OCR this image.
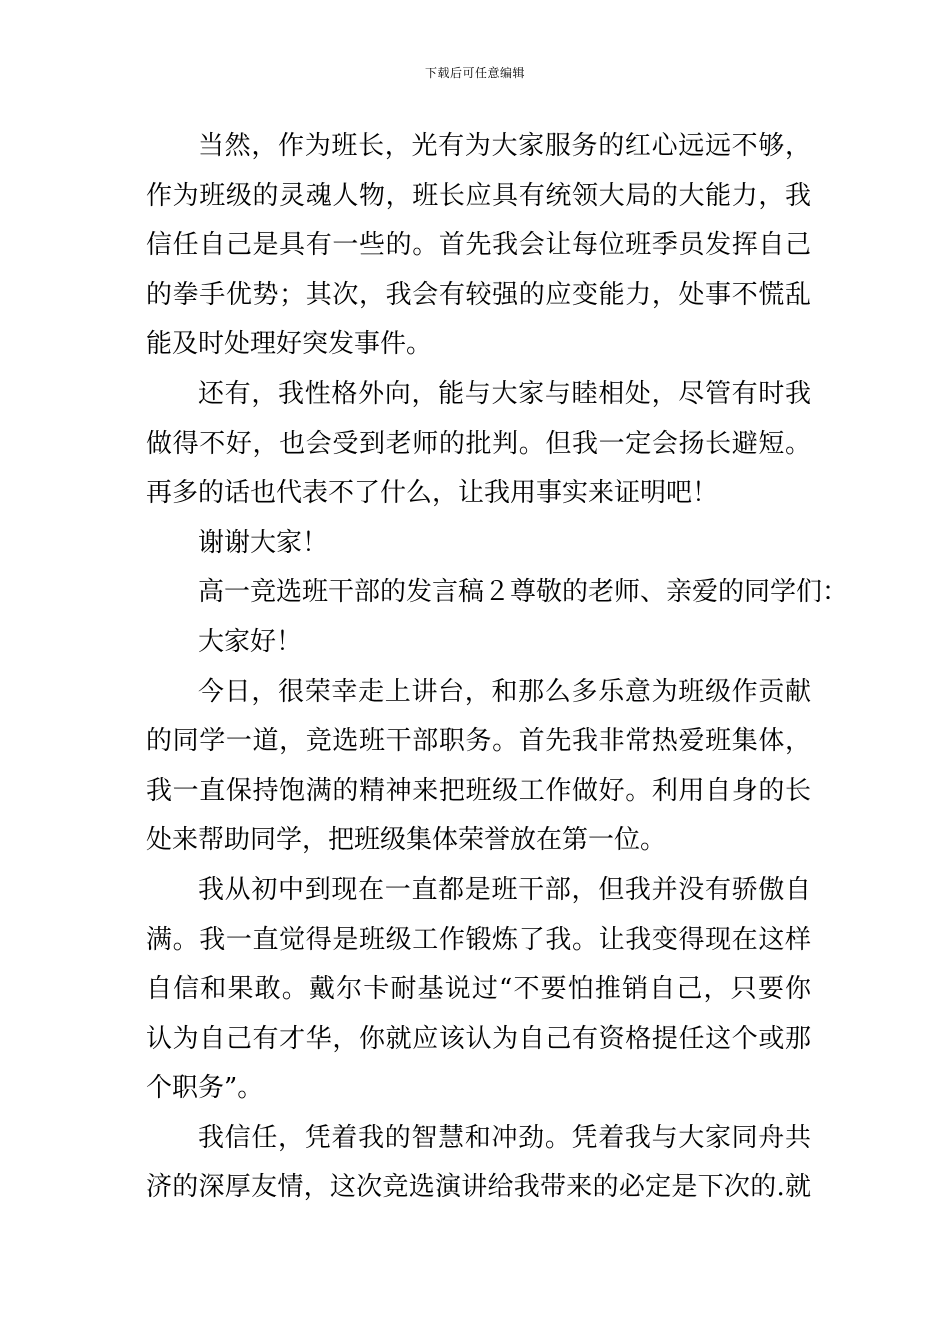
下载后可任意编辑
当然，作为班长，光有为大家服务的红心远远不够，
作为班级的灵魂人物，班长应具有统领大局的大能力，我
信任自己是具有一些的。首先我会让每位班季员发挥自己
的拳手优势；其次，我会有较强的应变能力，处事不慌乱
能及时处理好突发事件。
还有，我性格外向，能与大家与睦相处，尽管有时我
做得不好，也会受到老师的批判。但我一定会扬长避短。
再多的话也代表不了什么，让我用事实来证明吧！
谢谢大家！
高一竞选班干部的发言稿２尊敬的老师、亲爱的同学们：
大家好！
今日，很荣幸走上讲台，和那么多乐意为班级作贡献
的同学一道，竞选班干部职务。首先我非常热爱班集体，
我一直保持饱满的精神来把班级工作做好。利用自身的长
处来帮助同学，把班级集体荣誉放在第一位。
我从初中到现在一直都是班干部，但我并没有骄傲自
满。我一直觉得是班级工作锻炼了我。让我变得现在这样
自信和果敢。戴尔卡耐基说过“不要怕推销自己，只要你
认为自己有才华，你就应该认为自己有资格提任这个或那
个职务”。
我信任，凭着我的智慧和冲劲。凭着我与大家同舟共
济的深厚友情，这次竞选演讲给我带来的必定是下次的.就
